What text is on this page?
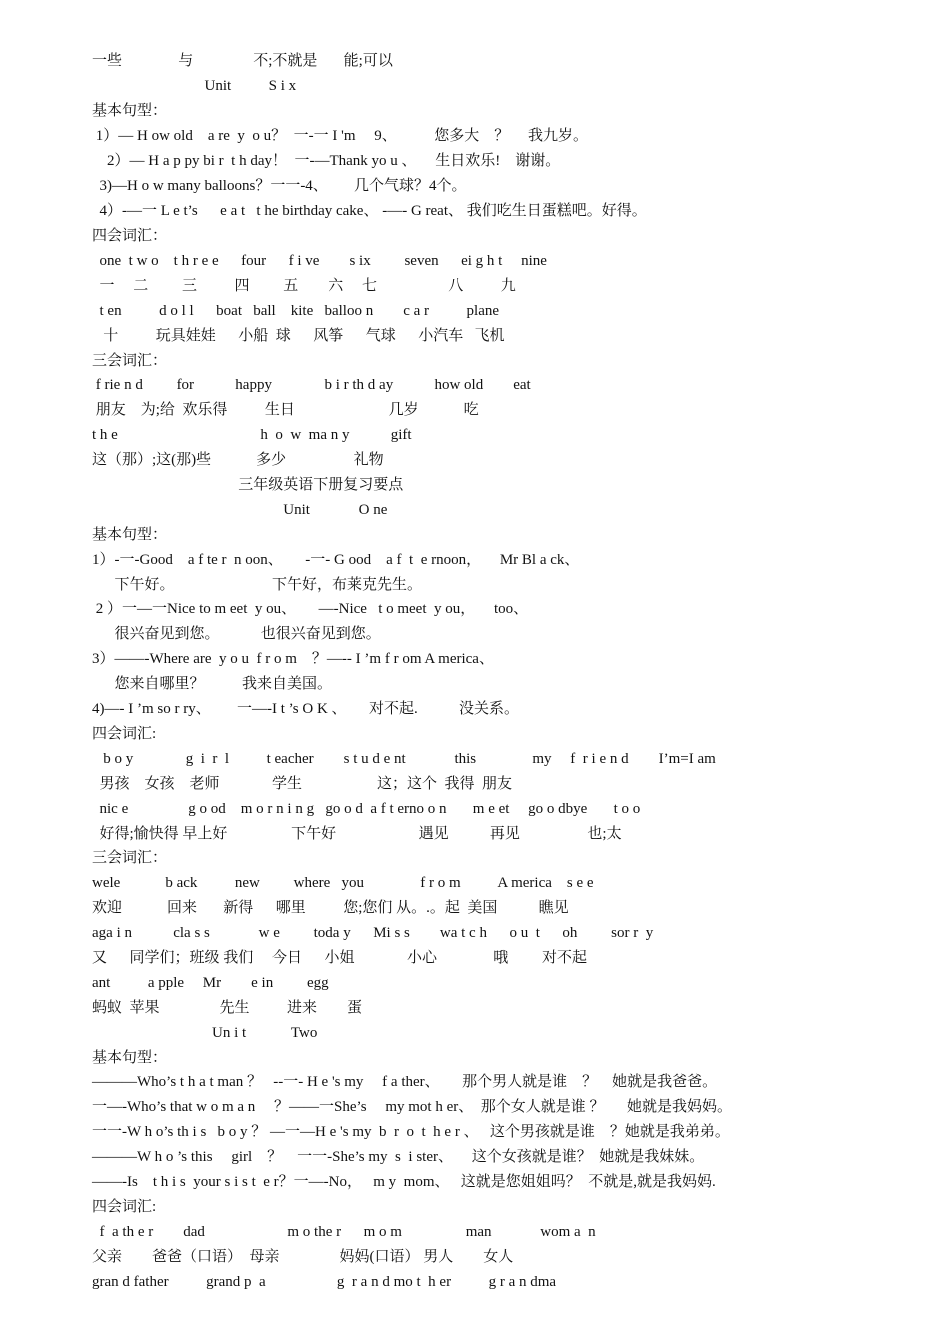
一些               与                不;不就是       能;可以
Unit          S i x
基本句型：
1）— H ow old    a re  y  o u？  一-一 I 'm     9、          您多大    ？     我九岁。
2）— H a p py bi r  t h day！  一-—Thank yo u 、     生日欢乐!    谢谢。
3)—H o w many balloons？一一-4、       几个气球？4个。
4）-—一 L e t’s      e a t   t he birthday cake、 -—- G reat、 我们吃生日蛋糕吧。好得。
四会词汇：
one  t w o    t h r e e      four      f i ve        s ix         seven      ei g h t     nine
一     二         三          四         五        六     七                   八          九
t en          d o l l      boat   ball    kite   balloo n        c a r          plane
十          玩具娃娃      小船  球      风筝      气球      小汽车   飞机
三会词汇：
f rie n d         for           happy              b i r th d ay           how old        eat
朋友    为;给  欢乐得          生日                         几岁            吃
t h e                                      h  o  w  ma n y           gift
这（那）;这(那)些            多少                  礼物
三年级英语下册复习要点
Unit             O ne
基本句型：
1）-一-Good    a f te r  n oon、      -一- G ood    a f  t  e rnoon，     Mr Bl a ck、
下午好。                          下午好，布莱克先生。
2 ）一—一Nice to m eet  y ou、      —-Nice   t o meet  y ou，     too、
很兴奋见到您。           也很兴奋见到您。
3）——-Where are  y o u  f r o m    ？—-- I ’m f r om A merica、
您来自哪里？          我来自美国。
4)—- I ’m so r ry、       一—-I t ’s O K 、      对不起.           没关系。
四会词汇:
b o y              g  i  r  l          t eacher        s t u d e nt             this               my     f  r i e n d        I’m=I am
男孩    女孩    老师              学生                    这；这个  我得  朋友
nic e                g o od    m o r n i n g   go o d  a f t erno o n       m e et     go o dbye       t o o
好得;愉快得 早上好                 下午好                      遇见           再见                  也;太
三会词汇：
wele            b ack          new         where   you               f r o m          A merica    s e e
欢迎            回来       新得      哪里          您;您们 从。.。起  美国           瞧见
aga i n           cla s s             w e         toda y      Mi s s        wa t c h      o u  t      oh         sor r  y
又      同学们；班级 我们     今日      小姐              小心               哦         对不起
ant          a pple     Mr        e in         egg
蚂蚁  苹果                先生          进来        蛋
Un i t            Two
基本句型：
———Who’s t h a t man ？   --一- H e 's my     f a ther、      那个男人就是谁    ？    她就是我爸爸。
一—-Who’s that w o m a n     ？——一She’s     my mot h er、  那个女人就是谁 ？      她就是我妈妈。
一一-W h o’s th i s   b o y ？ —一—H e 's my  b  r  o  t  h e r 、   这个男孩就是谁    ？她就是我弟弟。
———W h o ’s this     girl    ？    一一-She’s my  s  i ster、     这个女孩就是谁？  她就是我妹妹。
——-Is    t h i s  your s i s t  e r？一—-No，   m y  mom、   这就是您姐姐吗？  不就是,就是我妈妈.
四会词汇:
f  a th e r        dad                      m o the r      m o m                 man             wom a  n
父亲        爸爸（口语）  母亲                妈妈(口语） 男人        女人
gran d father          grand p  a                   g  r a n d mo t  h er          g r a n dma
